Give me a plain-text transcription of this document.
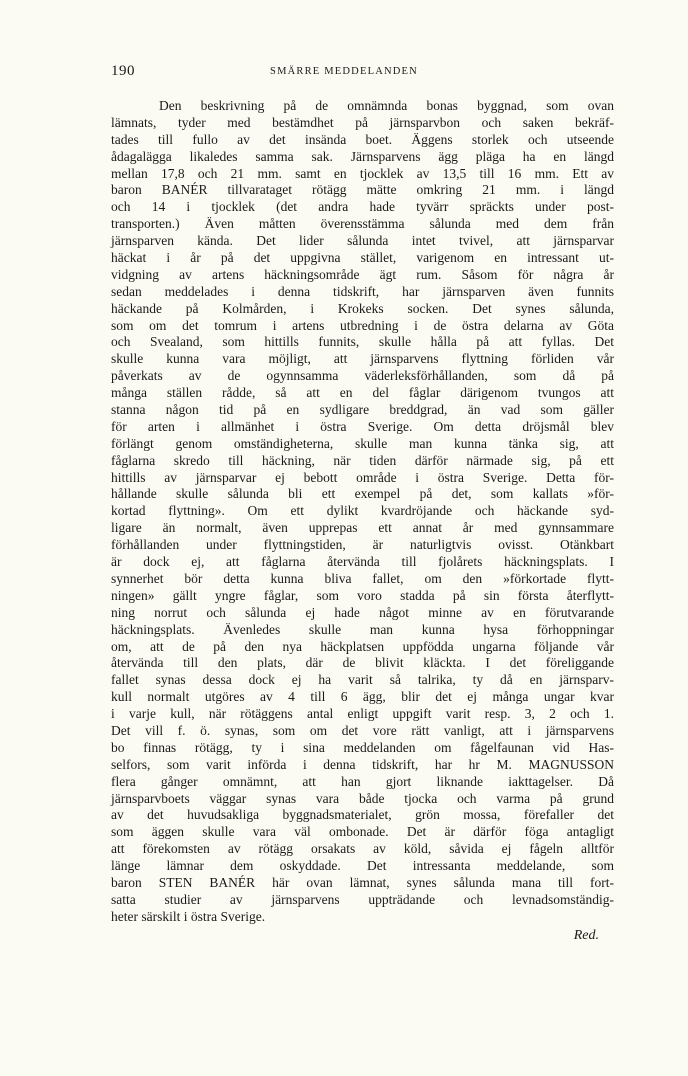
190	SMÄRRE MEDDELANDEN
Den beskrivning på de omnämnda bonas byggnad, som ovan
lämnats, tyder med bestämdhet på järnsparvbon och saken bekräf-
tades till fullo av det insända boet. Äggens storlek och utseende
ådagalägga likaledes samma sak. Järnsparvens ägg pläga ha en längd
mellan 17,8 och 21 mm. samt en tjocklek av 13,5 till 16 mm. Ett av
baron BANÉR tillvarataget rötägg mätte omkring 21 mm. i längd
och 14 i tjocklek (det andra hade tyvärr spräckts under post-
transporten.) Även måtten överensstämma sålunda med dem från
järnsparven kända. Det lider sålunda intet tvivel, att järnsparvar
häckat i år på det uppgivna stället, varigenom en intressant ut-
vidgning av artens häckningsområde ägt rum. Såsom för några år
sedan meddelades i denna tidskrift, har järnsparven även funnits
häckande på Kolmården, i Krokeks socken. Det synes sålunda,
som om det tomrum i artens utbredning i de östra delarna av Göta
och Svealand, som hittills funnits, skulle hålla på att fyllas. Det
skulle kunna vara möjligt, att järnsparvens flyttning förliden vår
påverkats av de ogynnsamma väderleksförhållanden, som då på
många ställen rådde, så att en del fåglar därigenom tvungos att
stanna någon tid på en sydligare breddgrad, än vad som gäller
för arten i allmänhet i östra Sverige. Om detta dröjsmål blev
förlängt genom omständigheterna, skulle man kunna tänka sig, att
fåglarna skredo till häckning, när tiden därför närmade sig, på ett
hittills av järnsparvar ej bebott område i östra Sverige. Detta för-
hållande skulle sålunda bli ett exempel på det, som kallats »för-
kortad flyttning». Om ett dylikt kvardröjande och häckande syd-
ligare än normalt, även upprepas ett annat år med gynnsammare
förhållanden under flyttningstiden, är naturligtvis ovisst. Otänkbart
är dock ej, att fåglarna återvända till fjolårets häckningsplats. I
synnerhet bör detta kunna bliva fallet, om den »förkortade flytt-
ningen» gällt yngre fåglar, som voro stadda på sin första återflytt-
ning norrut och sålunda ej hade något minne av en förutvarande
häckningsplats. Ävenledes skulle man kunna hysa förhoppningar
om, att de på den nya häckplatsen uppfödda ungarna följande vår
återvända till den plats, där de blivit kläckta. I det föreliggande
fallet synas dessa dock ej ha varit så talrika, ty då en järnsparv-
kull normalt utgöres av 4 till 6 ägg, blir det ej många ungar kvar
i varje kull, när rötäggens antal enligt uppgift varit resp. 3, 2 och 1.
Det vill f. ö. synas, som om det vore rätt vanligt, att i järnsparvens
bo finnas rötägg, ty i sina meddelanden om fågelfaunan vid Has-
selfors, som varit införda i denna tidskrift, har hr M. MAGNUSSON
flera gånger omnämnt, att han gjort liknande iakttagelser. Då
järnsparvboets väggar synas vara både tjocka och varma på grund
av det huvudsakliga byggnadsmaterialet, grön mossa, förefaller det
som äggen skulle vara väl ombonade. Det är därför föga antagligt
att förekomsten av rötägg orsakats av köld, såvida ej fågeln alltför
länge lämnar dem oskyddade. Det intressanta meddelande, som
baron STEN BANÉR här ovan lämnat, synes sålunda mana till fort-
satta studier av järnsparvens uppträdande och levnadsomständig-
heter särskilt i östra Sverige.
Red.
